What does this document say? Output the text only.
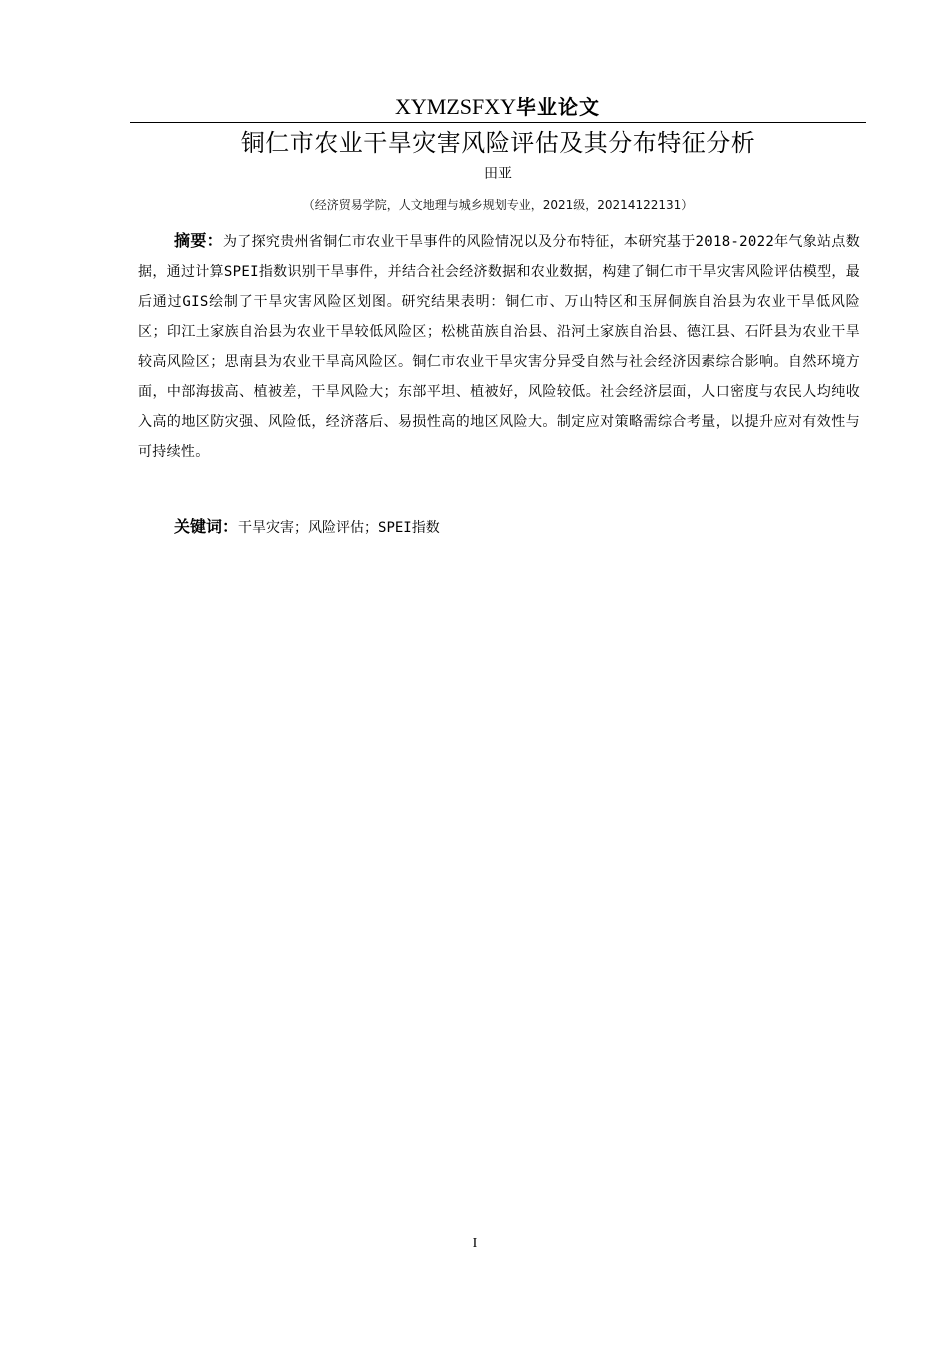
XYMZSFXY毕业论文
铜仁市农业干旱灾害风险评估及其分布特征分析
田亚
（经济贸易学院，人文地理与城乡规划专业，2021级，20214122131）
摘要：为了探究贵州省铜仁市农业干旱事件的风险情况以及分布特征，本研究基于2018-2022年气象站点数据，通过计算SPEI指数识别干旱事件，并结合社会经济数据和农业数据，构建了铜仁市干旱灾害风险评估模型，最后通过GIS绘制了干旱灾害风险区划图。研究结果表明：铜仁市、万山特区和玉屏侗族自治县为农业干旱低风险区；印江土家族自治县为农业干旱较低风险区；松桃苗族自治县、沿河土家族自治县、德江县、石阡县为农业干旱较高风险区；思南县为农业干旱高风险区。铜仁市农业干旱灾害分异受自然与社会经济因素综合影响。自然环境方面，中部海拔高、植被差，干旱风险大；东部平坦、植被好，风险较低。社会经济层面，人口密度与农民人均纯收入高的地区防灾强、风险低，经济落后、易损性高的地区风险大。制定应对策略需综合考量，以提升应对有效性与可持续性。
关键词：干旱灾害；风险评估；SPEI指数
I
